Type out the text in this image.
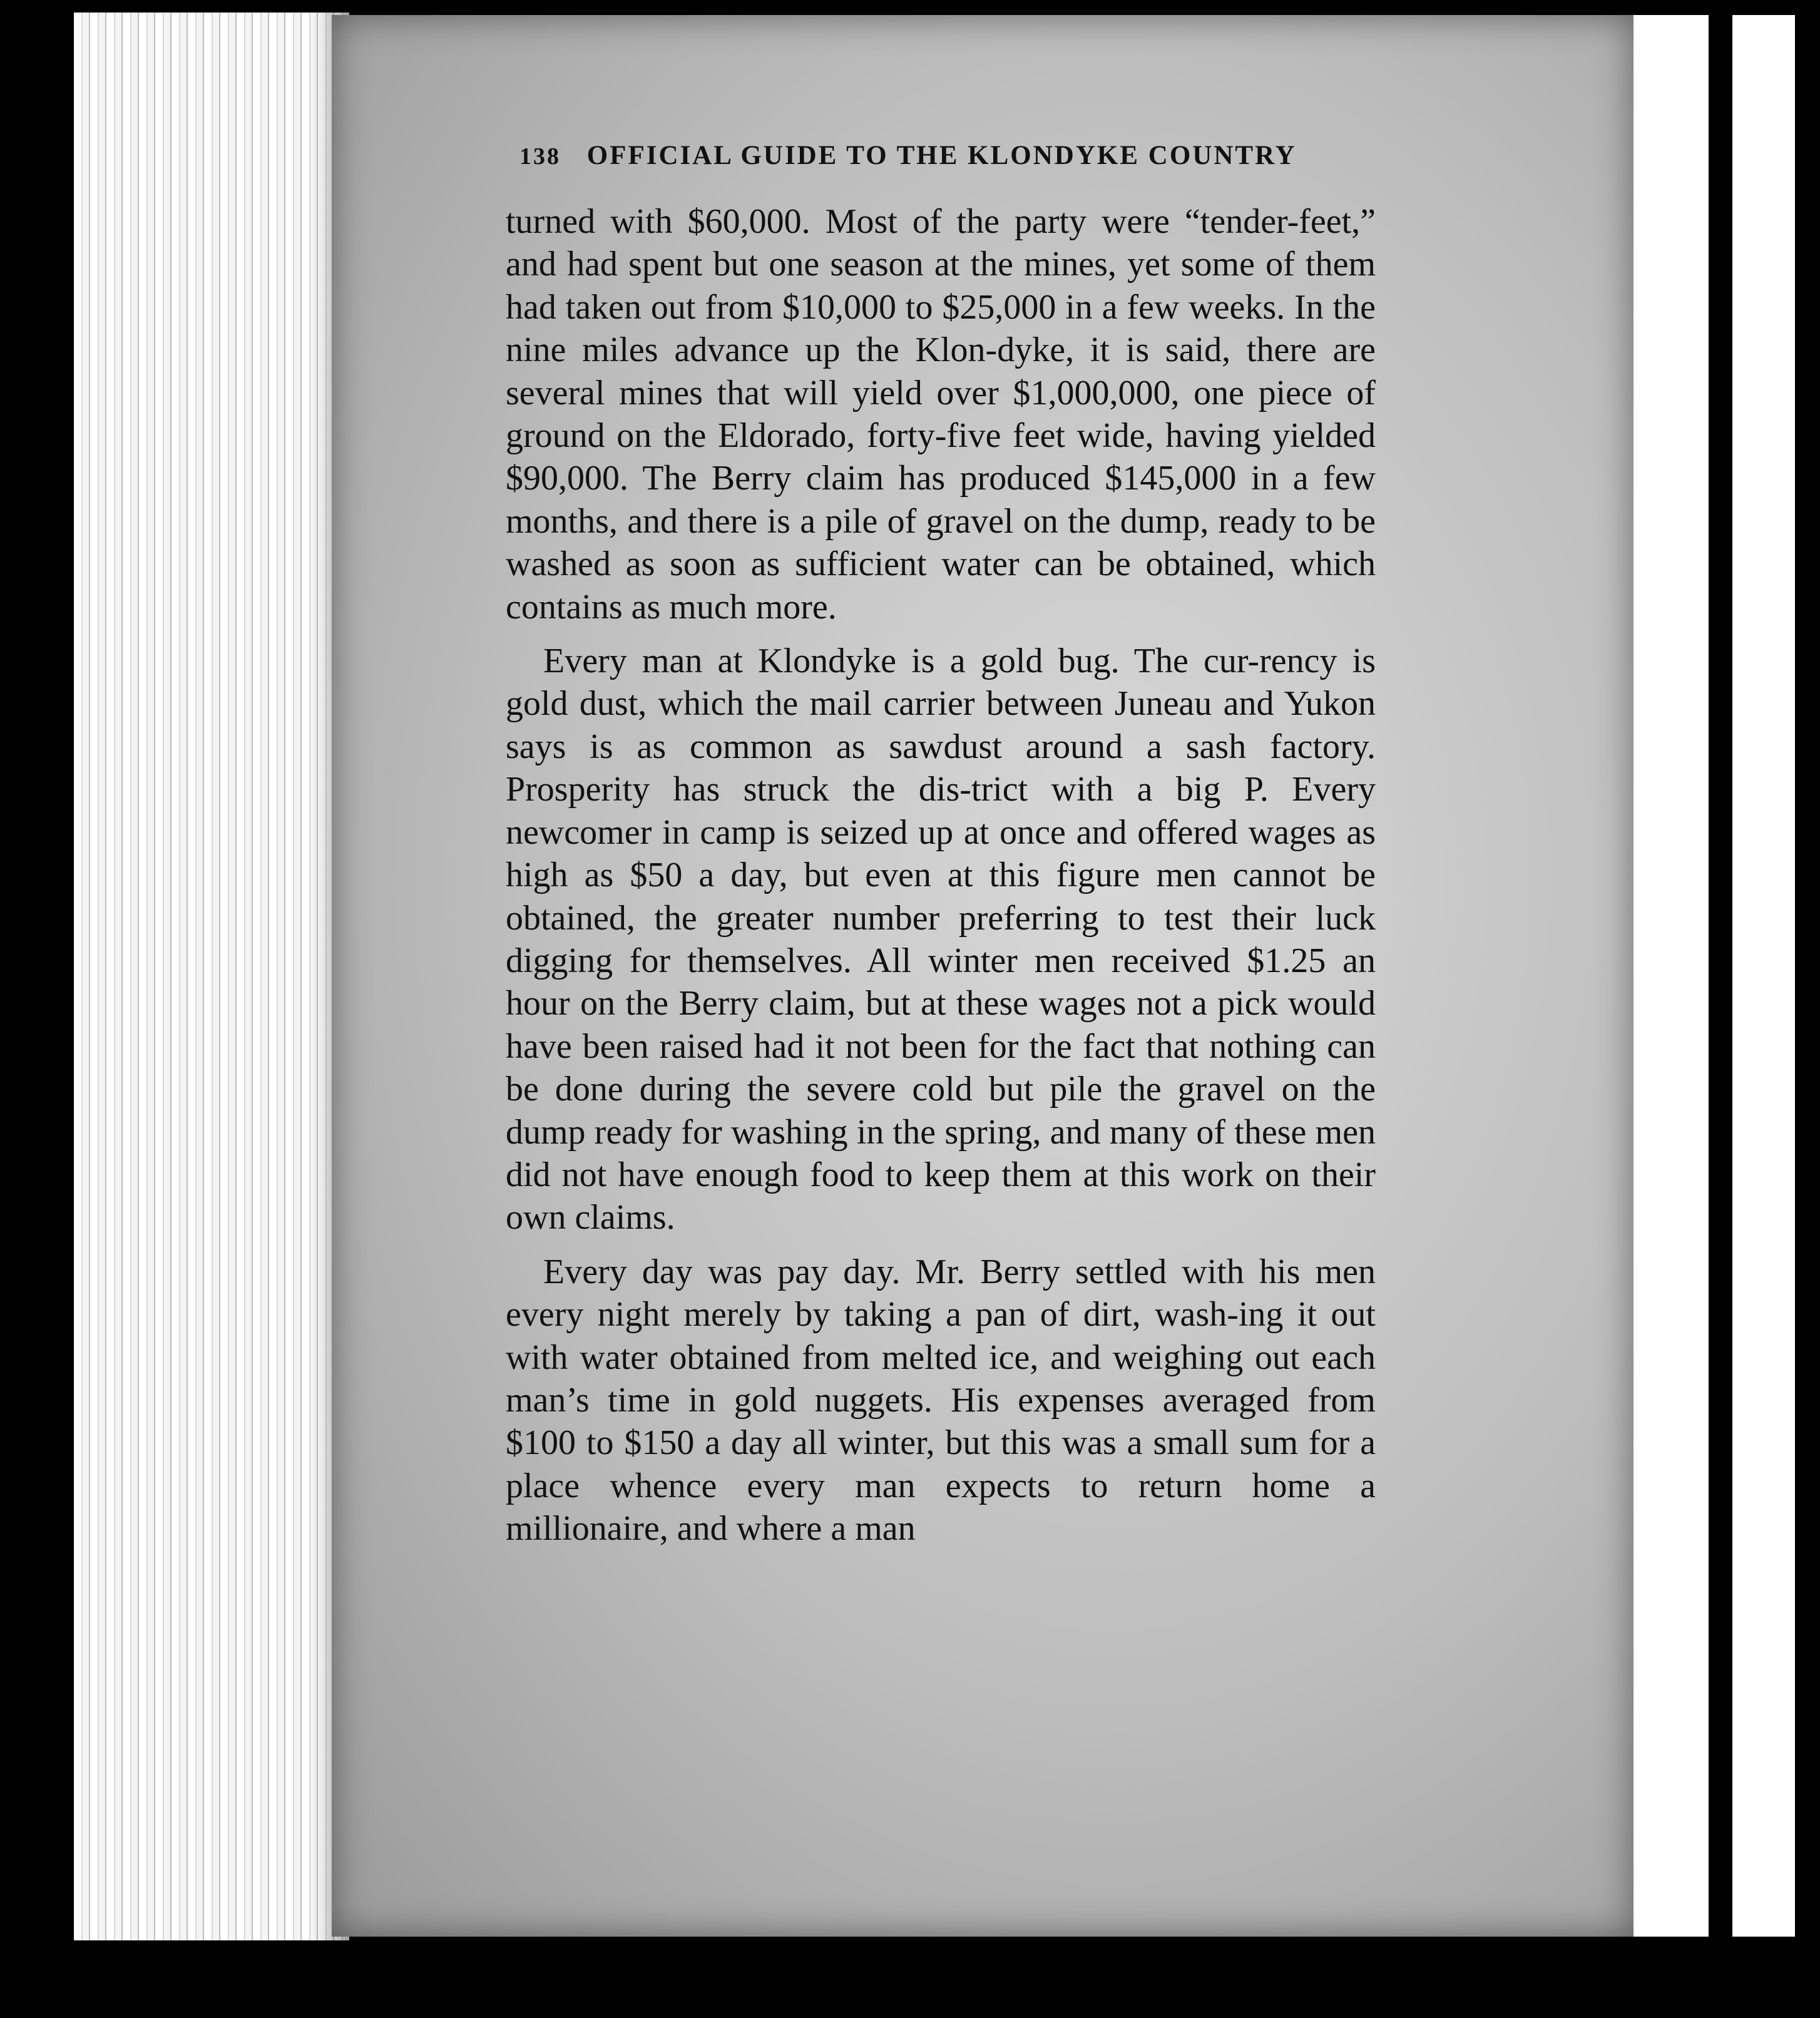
138 OFFICIAL GUIDE TO THE KLONDYKE COUNTRY

turned with $60,000. Most of the party were “tender-feet,” and had spent but one season at the mines, yet some of them had taken out from $10,000 to $25,000 in a few weeks. In the nine miles advance up the Klon-dyke, it is said, there are several mines that will yield over $1,000,000, one piece of ground on the Eldorado, forty-five feet wide, having yielded $90,000. The Berry claim has produced $145,000 in a few months, and there is a pile of gravel on the dump, ready to be washed as soon as sufficient water can be obtained, which contains as much more.

Every man at Klondyke is a gold bug. The cur-rency is gold dust, which the mail carrier between Juneau and Yukon says is as common as sawdust around a sash factory. Prosperity has struck the dis-trict with a big P. Every newcomer in camp is seized up at once and offered wages as high as $50 a day, but even at this figure men cannot be obtained, the greater number preferring to test their luck digging for themselves. All winter men received $1.25 an hour on the Berry claim, but at these wages not a pick would have been raised had it not been for the fact that nothing can be done during the severe cold but pile the gravel on the dump ready for washing in the spring, and many of these men did not have enough food to keep them at this work on their own claims.

Every day was pay day. Mr. Berry settled with his men every night merely by taking a pan of dirt, wash-ing it out with water obtained from melted ice, and weighing out each man’s time in gold nuggets. His expenses averaged from $100 to $150 a day all winter, but this was a small sum for a place whence every man expects to return home a millionaire, and where a man
